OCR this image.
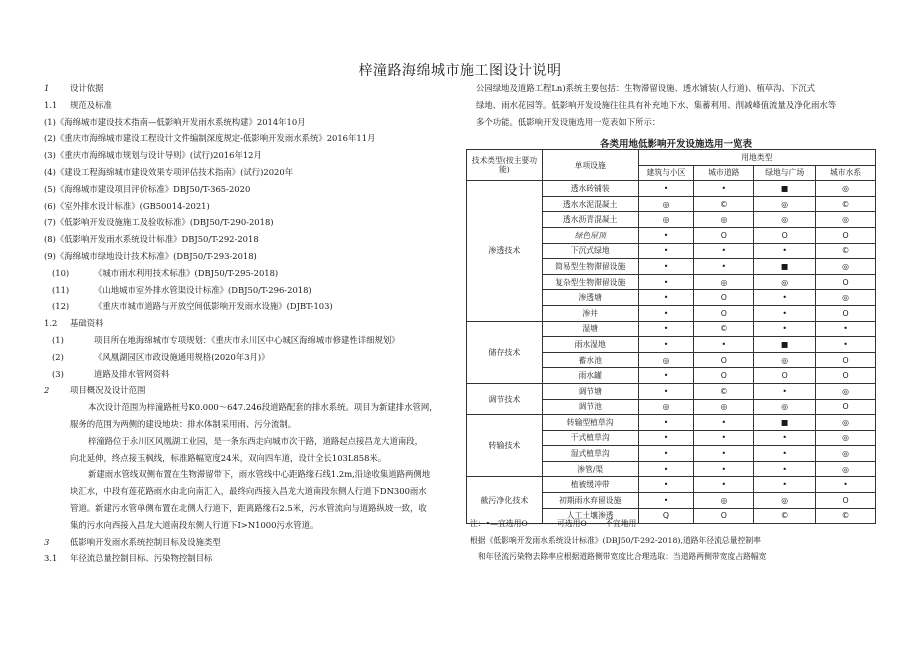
梓潼路海绵城市施工图设计说明
1	设计依据
1.1	规范及标准

(1)《海绵城市建设技术指南—低影响开发雨水系统构建》2014年10月

(2)《重庆市海绵城市建设工程设计文件编制深度规定-低影响开发雨水系统》2016年11月

(3)《重庆市海绵城市规划与设计导则》(试行)2016年12月

(4)《建设工程海绵城市建设效果专项评估技术指南》(试行)2020年

(5)《海绵城市建设项目评价标准》DBJ50/T-365-2020

(6)《室外排水设计标准》(GB50014-2021)

(7)《低影响开发设施施工及验收标准》(DBJ50/T-290-2018)

(8)《低影响开发雨水系统设计标准》DBJ50/T-292-2018

(9)《海绵城市绿地设计技术标准》(DBJ50/T-293-2018)

(10)	《城市雨水利用技术标准》(DBJ50/T-295-2018)
(11)	《山地城市室外排水管渠设计标准》(DBJ50/T-296-2018)
(12)	《重庆市城市道路与开放空间低影响开发雨水设施》(DJBT-103)
1.2	基础资料
(1)	项目所在地海绵城市专项规划：《重庆市永川区中心城区海绵城市修建性详细规划》
(2)	《风凰湖园区市政设施通用规格(2020年3月)》
(3)	道路及排水管网资料
2	项目概况及设计范围

本次设计范围为梓潼路桩号K0.000～647.246段道路配套的排水系统。项目为新建排水管网，

服务的范围为两侧的建设地块：排水体制采用雨、污分流制。

梓潼路位于永川区风凰湖工业园，是一条东西走向城市次干路，道路起点接昌龙大道南段，

向北延伸，终点接玉枫线，标准路幅宽度24米，双向四车道，设计全长103L858米。

新建雨水管线双侧布置在生物滞留带下，雨水管线中心距路缘石线1.2m,沿途收集道路两侧地

块汇水，中段有莲花路雨水由北向南汇入，最终向西接入昌龙大道南段东侧人行道下DN300雨水

管道。新建污水管单侧布置在北侧人行道下，距离路缘石2.5米，污水管流向与道路纵坡一致，收

集的污水向西接入昌龙大道南段东侧人行道下I>N1000污水管道。

3	低影响开发雨水系统控制目标及设施类型
3.1	年径流总量控制目标、污染物控制目标

公园绿地及道路工程Ln)系统主要包括：生物滞留设施、透水铺装(人行道)、植草沟、下沉式

绿地、雨水花园等。低影响开发设施往往具有补充地下水、集蓄利用、削减峰值流量及净化雨水等

多个功能。低影响开发设施选用一览表如下所示：

各类用地低影响开发设施选用一览表
技术类型(按主要功能)	单项设施	用地类型			
		建筑与小区	城市道路	绿地与广场	城市水系
渗透技术	透水砖铺装	•	•	■	◎
	透水水泥混凝土	◎	©	◎	©
	透水沥青混凝土	◎	◎	◎	◎
	绿色屋顶	•	O	O	O
	下沉式绿地	•	•	•	©
	简易型生物滞留设施	•	•	■	◎
	复杂型生物滞留设施	•	◎	◎	O
	渗透塘	•	O	•	◎
	渗井	•	O	•	O
储存技术	湿塘	•	©	•	•
	雨水湿地	•	•	■	•
	蓄水池	◎	O	◎	O
	雨水罐	•	O	O	O
调节技术	调节塘	•	©	•	◎
	调节池	◎	◎	◎	O
转输技术	转输型植草沟	•	•	■	◎
	干式植草沟	•	•	•	◎
	湿式植草沟	•	•	•	◎
	渗管/渠	•	•	•	◎
截污净化技术	植被缓冲带	•	•	•	•
	初期雨水弃留设施	•	◎	◎	O
	人工土壤渗透	Q	O	©	©

注：•—宜选用O-----------可选用O ------不宜地用

根据《低影响开发雨水系统设计标准》(DBJ50/T-292-2018),道路年径流总量控制率

和年径流污染物去除率应根据道路侧带宽度比合理选取：当道路两侧带宽度占路幅宽
